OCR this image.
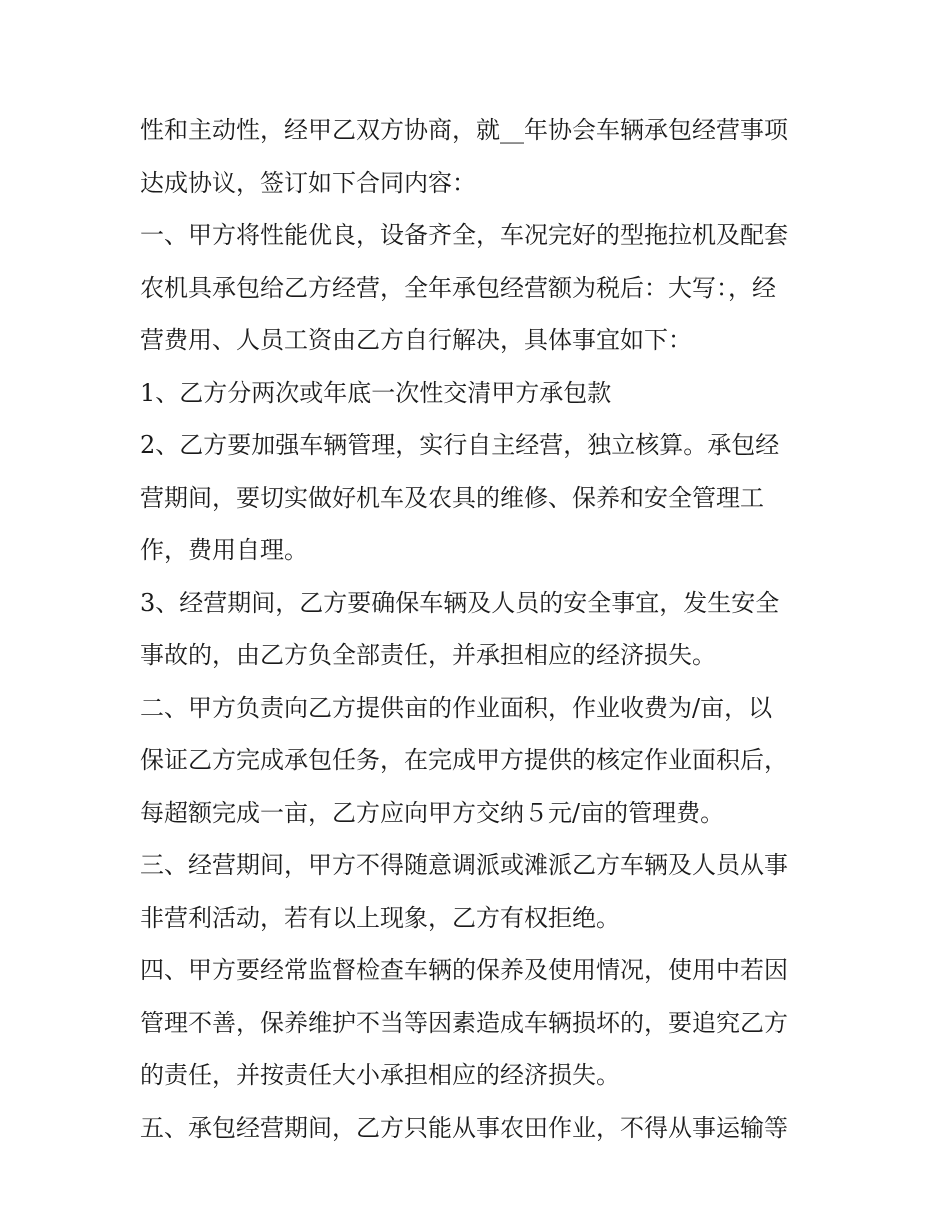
性和主动性，经甲乙双方协商，就__年协会车辆承包经营事项
达成协议，签订如下合同内容：
一、甲方将性能优良，设备齐全，车况完好的型拖拉机及配套
农机具承包给乙方经营，全年承包经营额为税后：大写：，经
营费用、人员工资由乙方自行解决，具体事宜如下：
1、乙方分两次或年底一次性交清甲方承包款
2、乙方要加强车辆管理，实行自主经营，独立核算。承包经
营期间，要切实做好机车及农具的维修、保养和安全管理工
作，费用自理。
3、经营期间，乙方要确保车辆及人员的安全事宜，发生安全
事故的，由乙方负全部责任，并承担相应的经济损失。
二、甲方负责向乙方提供亩的作业面积，作业收费为/亩，以
保证乙方完成承包任务，在完成甲方提供的核定作业面积后，
每超额完成一亩，乙方应向甲方交纳５元/亩的管理费。
三、经营期间，甲方不得随意调派或滩派乙方车辆及人员从事
非营利活动，若有以上现象，乙方有权拒绝。
四、甲方要经常监督检查车辆的保养及使用情况，使用中若因
管理不善，保养维护不当等因素造成车辆损坏的，要追究乙方
的责任，并按责任大小承担相应的经济损失。
五、承包经营期间，乙方只能从事农田作业，不得从事运输等
